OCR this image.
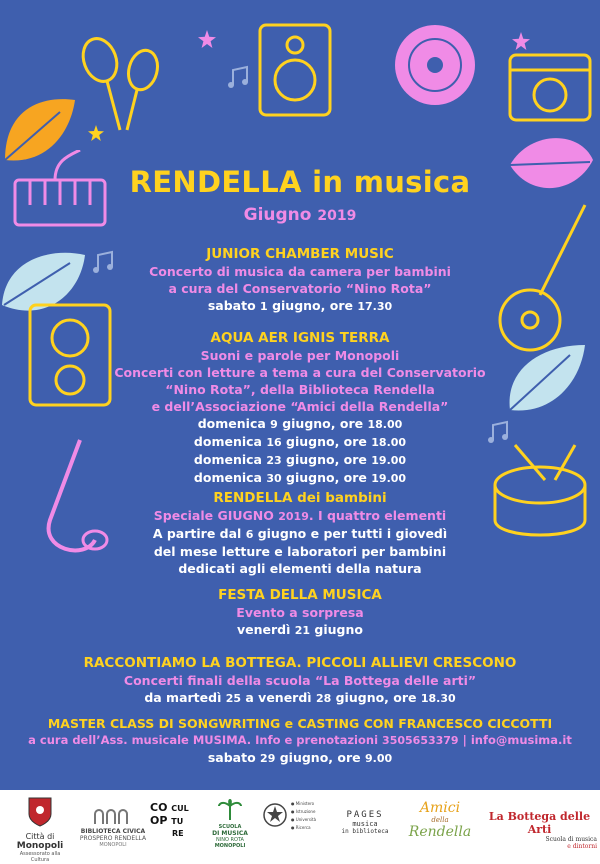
RENDELLA in musica
Giugno 2019
JUNIOR CHAMBER MUSIC
Concerto di musica da camera per bambini
a cura del Conservatorio “Nino Rota”
sabato 1 giugno, ore 17.30
AQUA AER IGNIS TERRA
Suoni e parole per Monopoli
Concerti con letture a tema a cura del Conservatorio
“Nino Rota”, della Biblioteca Rendella
e dell’Associazione “Amici della Rendella”
domenica 9 giugno, ore 18.00
domenica 16 giugno, ore 18.00
domenica 23 giugno, ore 19.00
domenica 30 giugno, ore 19.00
RENDELLA dei bambini
Speciale GIUGNO 2019. I quattro elementi
A partire dal 6 giugno e per tutti i giovedì
del mese letture e laboratori per bambini
dedicati agli elementi della natura
FESTA DELLA MUSICA
Evento a sorpresa
venerdì 21 giugno
RACCONTIAMO LA BOTTEGA. PICCOLI ALLIEVI CRESCONO
Concerti finali della scuola “La Bottega delle arti”
da martedì 25 a venerdì 28 giugno, ore 18.30
MASTER CLASS DI SONGWRITING e CASTING CON FRANCESCO CICCOTTI
a cura dell’Ass. musicale MUSIMA. Info e prenotazioni 3505653379 | info@musima.it
sabato 29 giugno, ore 9.00
Città di
Monopoli
Assessorato alla Cultura
BIBLIOTECA CIVICA
PROSPERO RENDELLA
MONOPOLI
CO CUL
OP TU
RE
SCUOLA
DI MUSICA
NINO ROTA
MONOPOLI
● Ministero
● Istruzione
● Università
● Ricerca
PAGES
musica
in biblioteca
Amici
della
Rendella
La Bottega delle Arti
Scuola di musica
e dintorni
